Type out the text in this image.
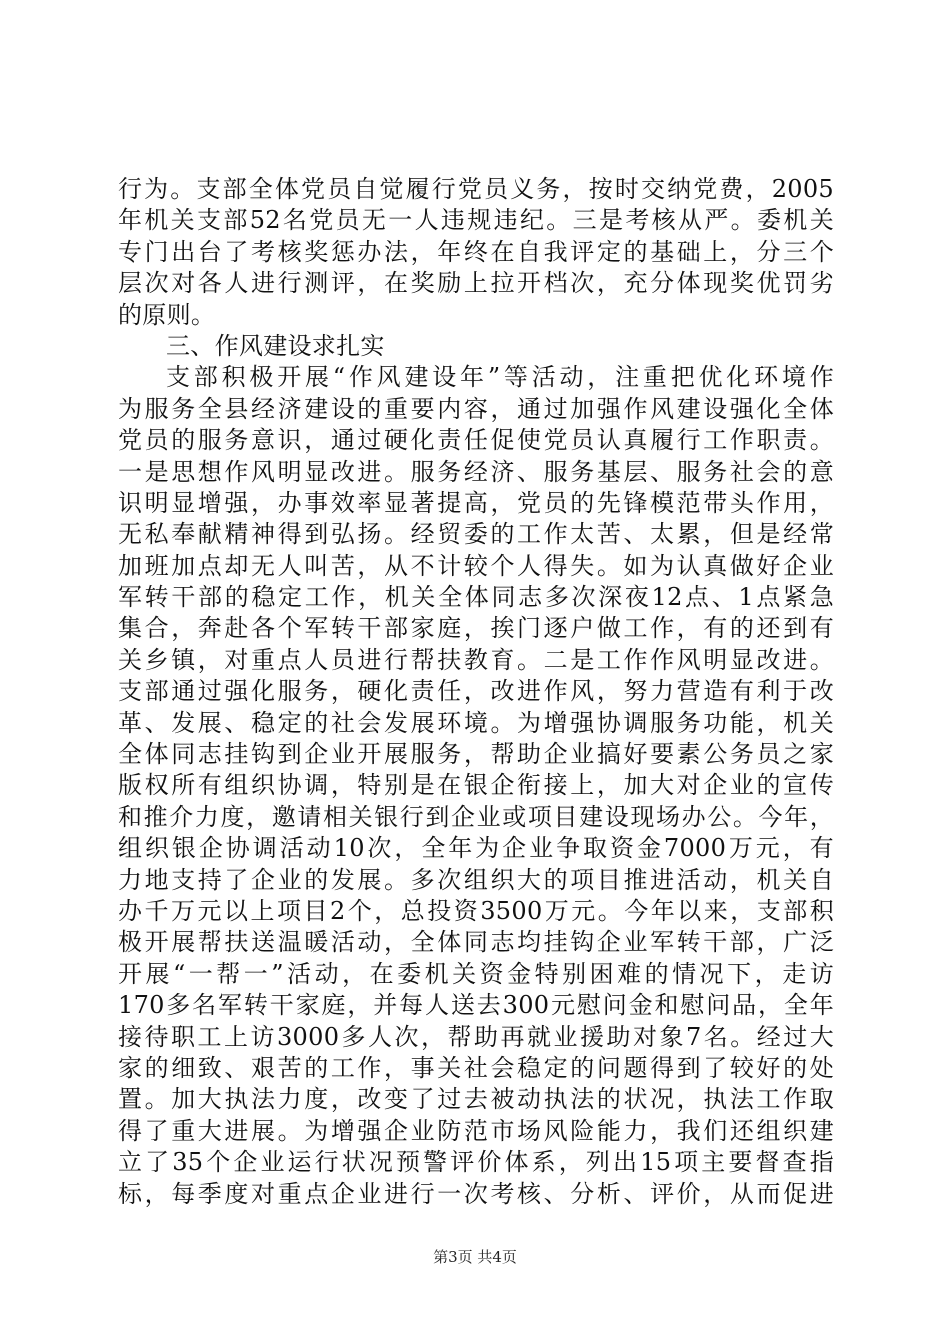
行为。支部全体党员自觉履行党员义务，按时交纳党费，2005
年机关支部52名党员无一人违规违纪。三是考核从严。委机关
专门出台了考核奖惩办法，年终在自我评定的基础上，分三个
层次对各人进行测评，在奖励上拉开档次，充分体现奖优罚劣
的原则。
三、作风建设求扎实
支部积极开展“作风建设年”等活动，注重把优化环境作
为服务全县经济建设的重要内容，通过加强作风建设强化全体
党员的服务意识，通过硬化责任促使党员认真履行工作职责。
一是思想作风明显改进。服务经济、服务基层、服务社会的意
识明显增强，办事效率显著提高，党员的先锋模范带头作用，
无私奉献精神得到弘扬。经贸委的工作太苦、太累，但是经常
加班加点却无人叫苦，从不计较个人得失。如为认真做好企业
军转干部的稳定工作，机关全体同志多次深夜12点、1点紧急
集合，奔赴各个军转干部家庭，挨门逐户做工作，有的还到有
关乡镇，对重点人员进行帮扶教育。二是工作作风明显改进。
支部通过强化服务，硬化责任，改进作风，努力营造有利于改
革、发展、稳定的社会发展环境。为增强协调服务功能，机关
全体同志挂钩到企业开展服务，帮助企业搞好要素公务员之家
版权所有组织协调，特别是在银企衔接上，加大对企业的宣传
和推介力度，邀请相关银行到企业或项目建设现场办公。今年，
组织银企协调活动10次，全年为企业争取资金7000万元，有
力地支持了企业的发展。多次组织大的项目推进活动，机关自
办千万元以上项目2个，总投资3500万元。今年以来，支部积
极开展帮扶送温暖活动，全体同志均挂钩企业军转干部，广泛
开展“一帮一”活动，在委机关资金特别困难的情况下，走访
170多名军转干家庭，并每人送去300元慰问金和慰问品，全年
接待职工上访3000多人次，帮助再就业援助对象7名。经过大
家的细致、艰苦的工作，事关社会稳定的问题得到了较好的处
置。加大执法力度，改变了过去被动执法的状况，执法工作取
得了重大进展。为增强企业防范市场风险能力，我们还组织建
立了35个企业运行状况预警评价体系，列出15项主要督查指
标，每季度对重点企业进行一次考核、分析、评价，从而促进
第3页 共4页
